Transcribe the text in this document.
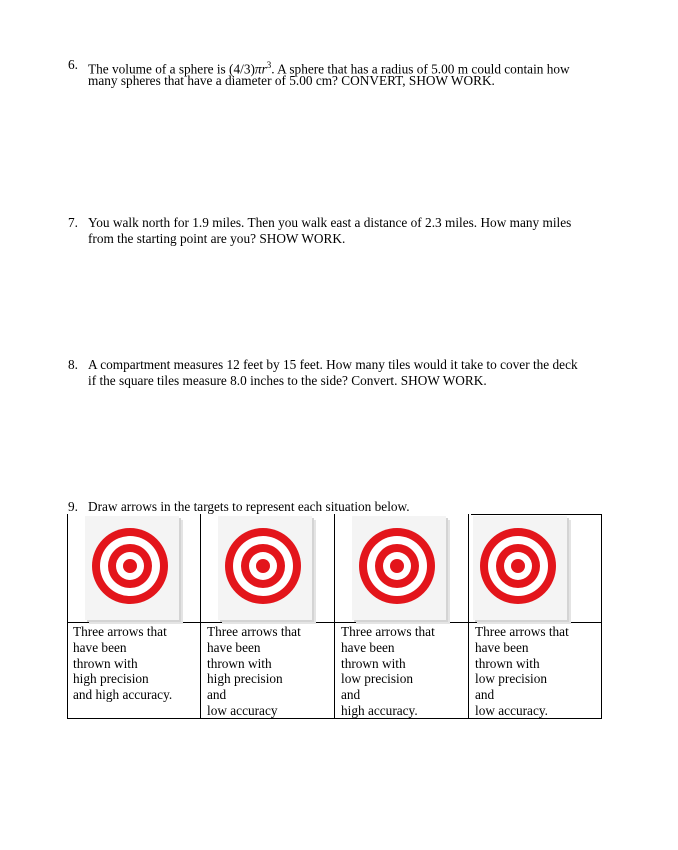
6. The volume of a sphere is $(4/3)\pi r^3$. A sphere that has a radius of 5.00 m could contain how
many spheres that have a diameter of 5.00 cm? CONVERT, SHOW WORK.
7. You walk north for 1.9 miles. Then you walk east a distance of 2.3 miles. How many miles
from the starting point are you? SHOW WORK.
8. A compartment measures 12 feet by 15 feet. How many tiles would it take to cover the deck
if the square tiles measure 8.0 inches to the side? Convert. SHOW WORK.
9. Draw arrows in the targets to represent each situation below.
Three arrows that
have been
thrown with
high precision
and high accuracy.
Three arrows that
have been
thrown with
high precision
and
low accuracy
Three arrows that
have been
thrown with
low precision
and
high accuracy.
Three arrows that
have been
thrown with
low precision
and
low accuracy.
